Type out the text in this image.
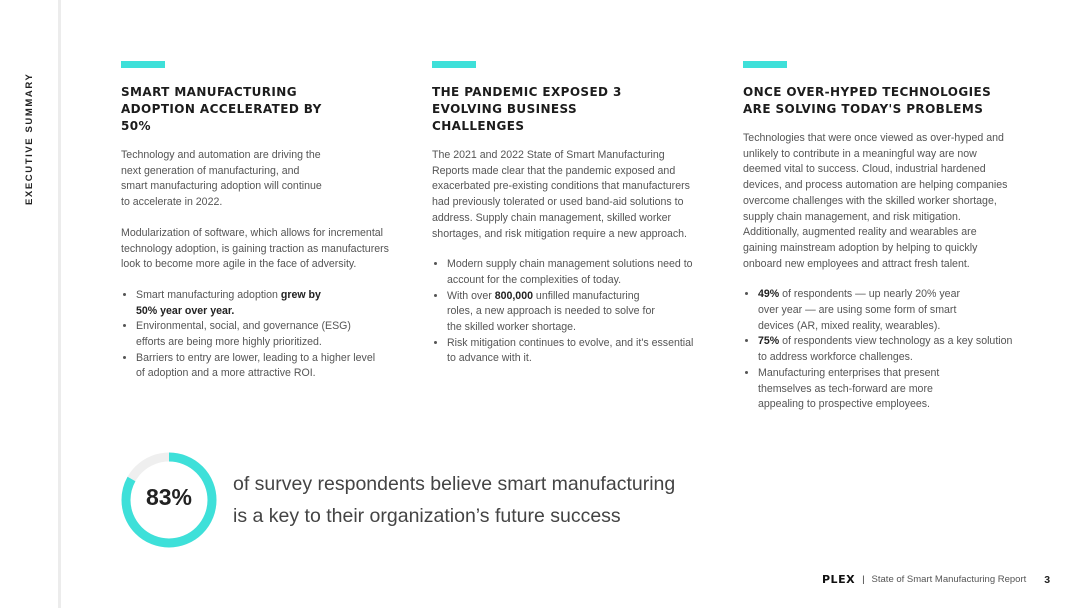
EXECUTIVE SUMMARY	SMART MANUFACTURING ADOPTION ACCELERATED BY 50%

Technology and automation are driving the next generation of manufacturing, and smart manufacturing adoption will continue to accelerate in 2022.

Modularization of software, which allows for incremental technology adoption, is gaining traction as manufacturers look to become more agile in the face of adversity.

• Smart manufacturing adoption grew by 50% year over year.
• Environmental, social, and governance (ESG) efforts are being more highly prioritized.
• Barriers to entry are lower, leading to a higher level of adoption and a more attractive ROI.
THE PANDEMIC EXPOSED 3 EVOLVING BUSINESS CHALLENGES

The 2021 and 2022 State of Smart Manufacturing Reports made clear that the pandemic exposed and exacerbated pre-existing conditions that manufacturers had previously tolerated or used band-aid solutions to address. Supply chain management, skilled worker shortages, and risk mitigation require a new approach.

• Modern supply chain management solutions need to account for the complexities of today.
• With over 800,000 unfilled manufacturing roles, a new approach is needed to solve for the skilled worker shortage.
• Risk mitigation continues to evolve, and it's essential to advance with it.
ONCE OVER-HYPED TECHNOLOGIES ARE SOLVING TODAY'S PROBLEMS

Technologies that were once viewed as over-hyped and unlikely to contribute in a meaningful way are now deemed vital to success. Cloud, industrial hardened devices, and process automation are helping companies overcome challenges with the skilled worker shortage, supply chain management, and risk mitigation. Additionally, augmented reality and wearables are gaining mainstream adoption by helping to quickly onboard new employees and attract fresh talent.

• 49% of respondents — up nearly 20% year over year — are using some form of smart devices (AR, mixed reality, wearables).
• 75% of respondents view technology as a key solution to address workforce challenges.
• Manufacturing enterprises that present themselves as tech-forward are more appealing to prospective employees.
83%	of survey respondents believe smart manufacturing
is a key to their organization’s future success
PLEX | State of Smart Manufacturing Report 3
